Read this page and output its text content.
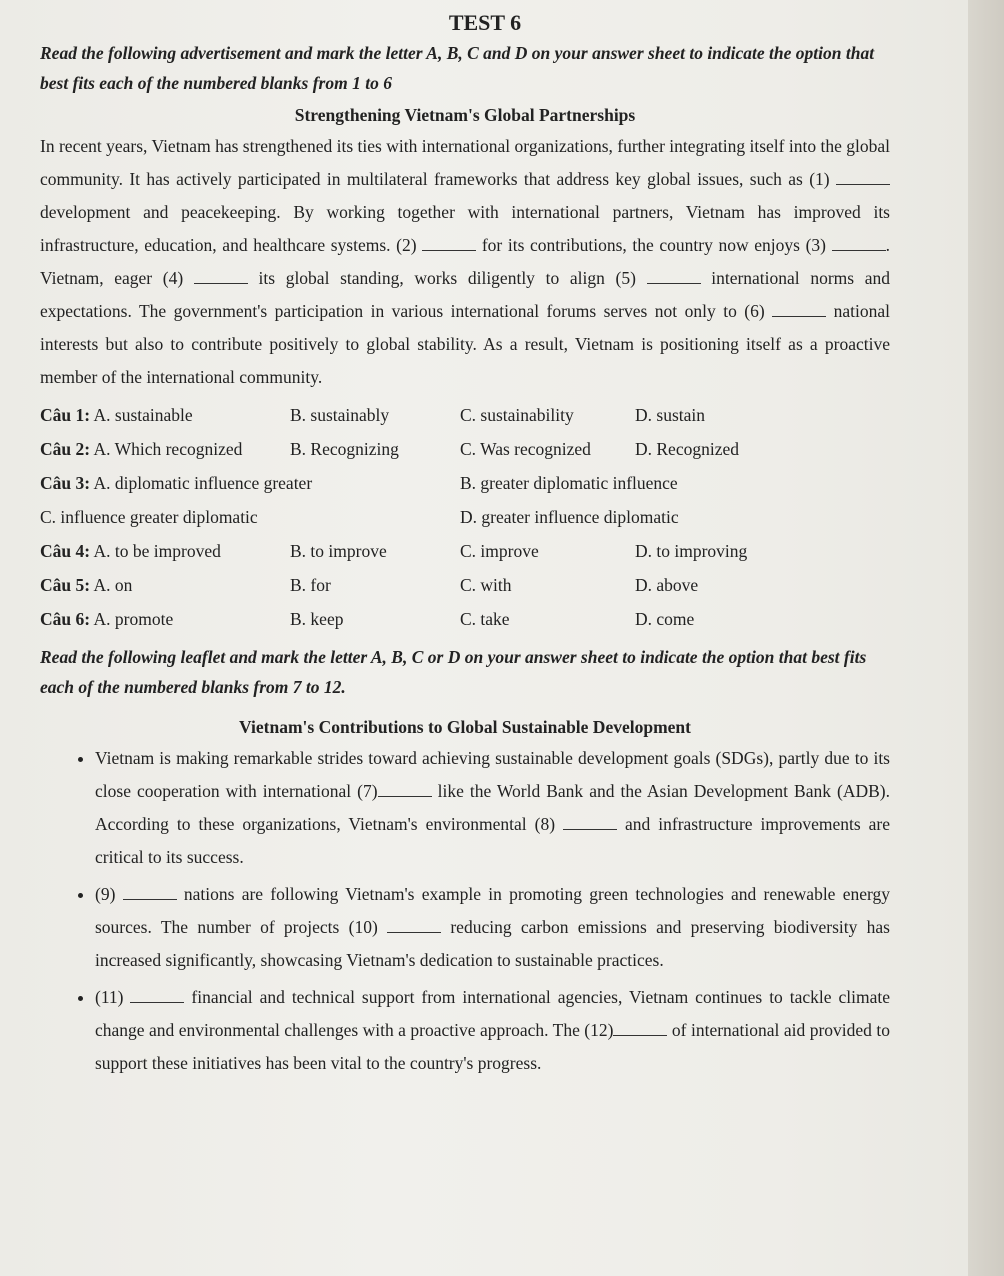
TEST 6
Read the following advertisement and mark the letter A, B, C and D on your answer sheet to indicate the option that best fits each of the numbered blanks from 1 to 6
Strengthening Vietnam's Global Partnerships
In recent years, Vietnam has strengthened its ties with international organizations, further integrating itself into the global community. It has actively participated in multilateral frameworks that address key global issues, such as (1)  development and peacekeeping. By working together with international partners, Vietnam has improved its infrastructure, education, and healthcare systems. (2)	for its contributions, the country now enjoys (3)	. Vietnam, eager (4)	its global standing, works diligently to align (5)	international norms and expectations. The government's participation in various international forums serves not only to (6)	national interests but also to contribute positively to global stability. As a result, Vietnam is positioning itself as a proactive member of the international community.
Câu 1: A. sustainable	B. sustainably	C. sustainability	D. sustain
Câu 2: A. Which recognized	B. Recognizing	C. Was recognized	D. Recognized
Câu 3: A. diplomatic influence greater	B. greater diplomatic influence
C. influence greater diplomatic	D. greater influence diplomatic
Câu 4: A. to be improved	B. to improve	C. improve	D. to improving
Câu 5: A. on	B. for	C. with	D. above
Câu 6: A. promote	B. keep	C. take	D. come
Read the following leaflet and mark the letter A, B, C or D on your answer sheet to indicate the option that best fits each of the numbered blanks from 7 to 12.
Vietnam's Contributions to Global Sustainable Development
• Vietnam is making remarkable strides toward achieving sustainable development goals (SDGs), partly due to its close cooperation with international (7)	like the World Bank and the Asian Development Bank (ADB). According to these organizations, Vietnam's environmental (8)	and infrastructure improvements are critical to its success.
• (9)	nations are following Vietnam's example in promoting green technologies and renewable energy sources. The number of projects (10)	reducing carbon emissions and preserving biodiversity has increased significantly, showcasing Vietnam's dedication to sustainable practices.
• (11)	financial and technical support from international agencies, Vietnam continues to tackle climate change and environmental challenges with a proactive approach. The (12)	of international aid provided to support these initiatives has been vital to the country's progress.
